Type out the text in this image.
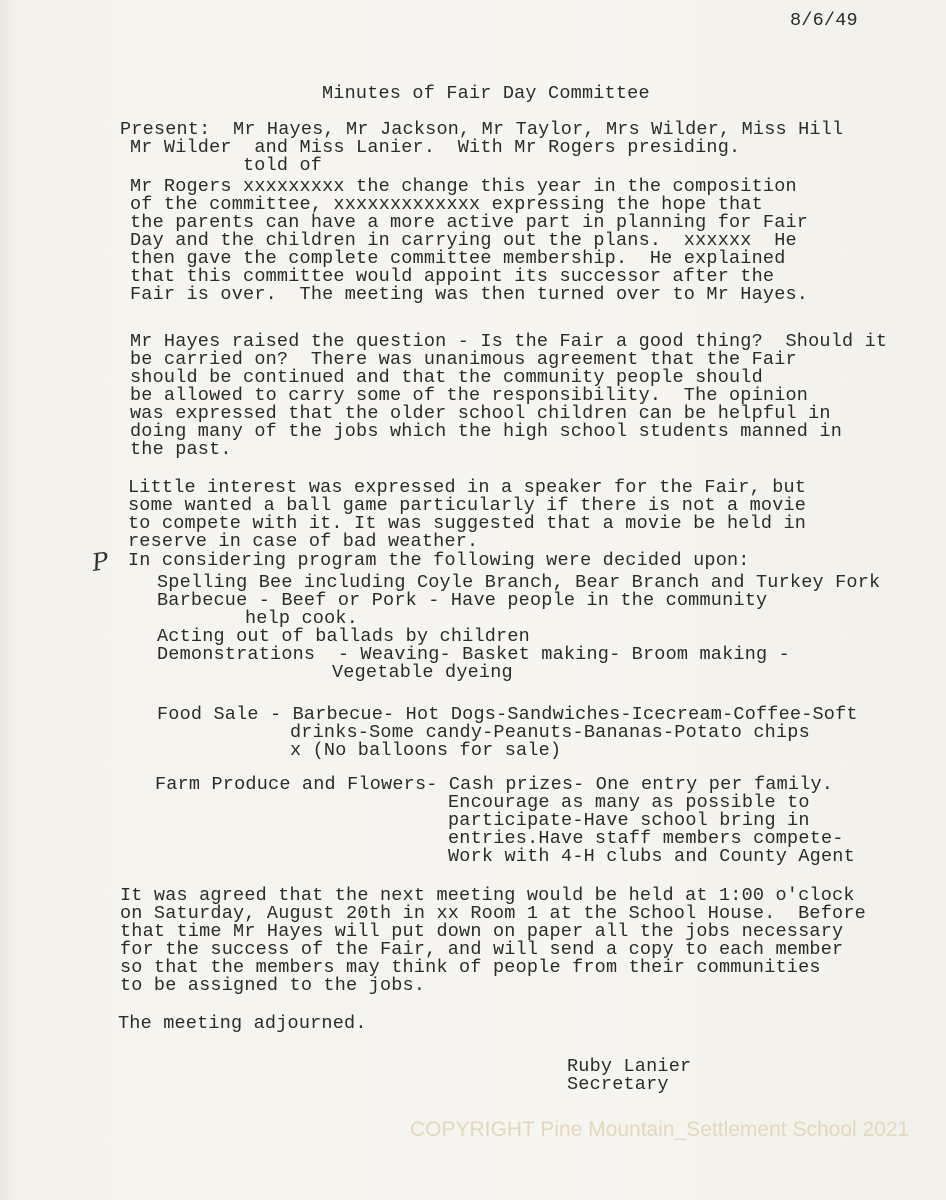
8/6/49
Minutes of Fair Day Committee
Present:  Mr Hayes, Mr Jackson, Mr Taylor, Mrs Wilder, Miss Hill
Mr Wilder  and Miss Lanier.  With Mr Rogers presiding.
told of
Mr Rogers xxxxxxxxx the change this year in the composition
of the committee, xxxxxxxxxxxxx expressing the hope that
the parents can have a more active part in planning for Fair
Day and the children in carrying out the plans.  xxxxxx  He
then gave the complete committee membership.  He explained
that this committee would appoint its successor after the
Fair is over.  The meeting was then turned over to Mr Hayes.
Mr Hayes raised the question - Is the Fair a good thing?  Should it
be carried on?  There was unanimous agreement that the Fair
should be continued and that the community people should
be allowed to carry some of the responsibility.  The opinion
was expressed that the older school children can be helpful in
doing many of the jobs which the high school students manned in
the past.
Little interest was expressed in a speaker for the Fair, but
some wanted a ball game particularly if there is not a movie
to compete with it. It was suggested that a movie be held in
reserve in case of bad weather.
P In considering program the following were decided upon:
Spelling Bee including Coyle Branch, Bear Branch and Turkey Fork
Barbecue - Beef or Pork - Have people in the community
help cook.
Acting out of ballads by children
Demonstrations  - Weaving- Basket making- Broom making -
Vegetable dyeing
Food Sale - Barbecue- Hot Dogs-Sandwiches-Icecream-Coffee-Soft
drinks-Some candy-Peanuts-Bananas-Potato chips
x (No balloons for sale)
Farm Produce and Flowers- Cash prizes- One entry per family.
Encourage as many as possible to
participate-Have school bring in
entries.Have staff members compete-
Work with 4-H clubs and County Agent
It was agreed that the next meeting would be held at 1:00 o'clock
on Saturday, August 20th in xx Room 1 at the School House.  Before
that time Mr Hayes will put down on paper all the jobs necessary
for the success of the Fair, and will send a copy to each member
so that the members may think of people from their communities
to be assigned to the jobs.
The meeting adjourned.
Ruby Lanier
Secretary
COPYRIGHT Pine Mountain_Settlement School 2021
